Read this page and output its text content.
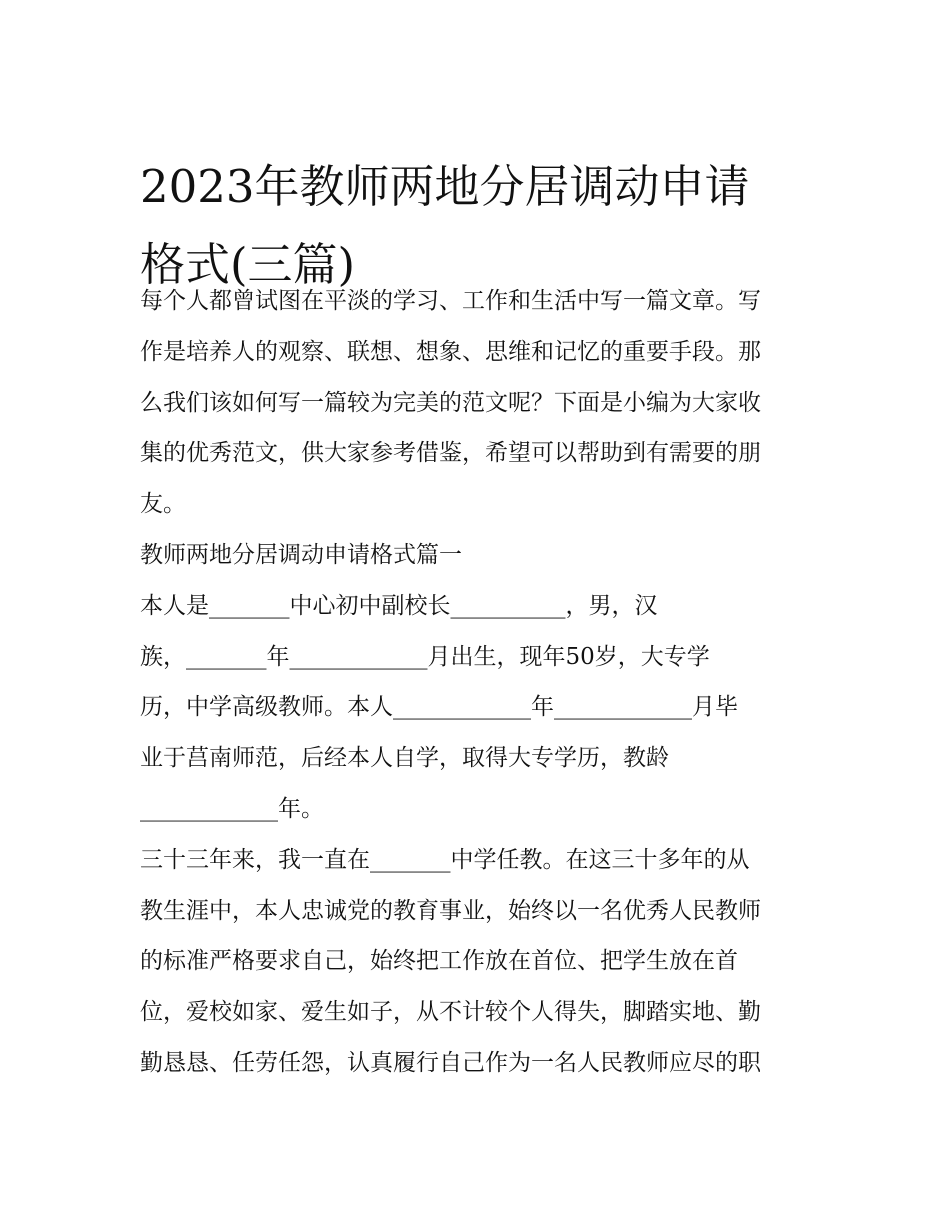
2023年教师两地分居调动申请
格式(三篇)
每个人都曾试图在平淡的学习、工作和生活中写一篇文章。写
作是培养人的观察、联想、想象、思维和记忆的重要手段。那
么我们该如何写一篇较为完美的范文呢？下面是小编为大家收
集的优秀范文，供大家参考借鉴，希望可以帮助到有需要的朋
友。
教师两地分居调动申请格式篇一
本人是_______中心初中副校长__________，男，汉
族，_______年____________月出生，现年50岁，大专学
历，中学高级教师。本人____________年____________月毕
业于莒南师范，后经本人自学，取得大专学历，教龄
____________年。
三十三年来，我一直在_______中学任教。在这三十多年的从
教生涯中，本人忠诚党的教育事业，始终以一名优秀人民教师
的标准严格要求自己，始终把工作放在首位、把学生放在首
位，爱校如家、爱生如子，从不计较个人得失，脚踏实地、勤
勤恳恳、任劳任怨，认真履行自己作为一名人民教师应尽的职
